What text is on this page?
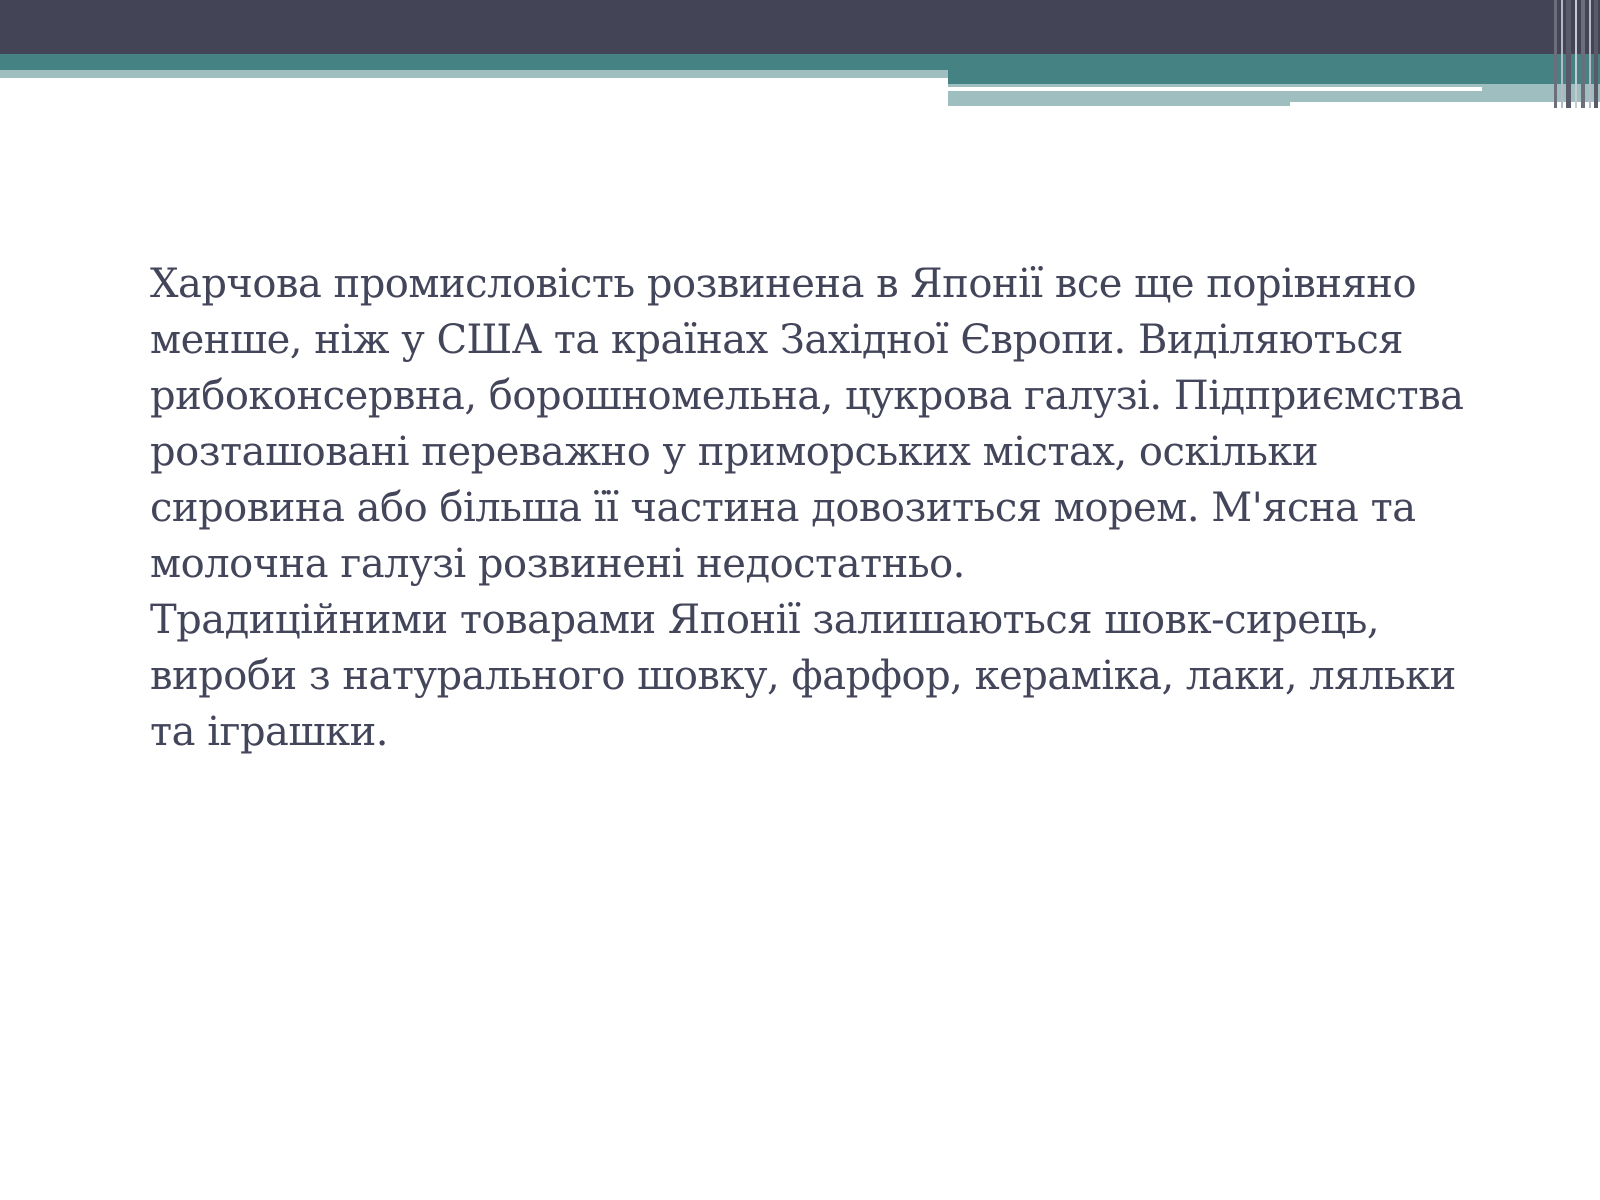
Харчова промисловість розвинена в Японії все ще порівняно менше, ніж у США та країнах Західної Європи. Виділяються рибоконсервна, борошномельна, цукрова галузі. Підприємства розташовані переважно у приморських містах, оскільки сировина або більша її частина довозиться морем. М'ясна та молочна галузі розвинені недостатньо.

Традиційними товарами Японії залишаються шовк-сирець, вироби з натурального шовку, фарфор, кераміка, лаки, ляльки та іграшки.
